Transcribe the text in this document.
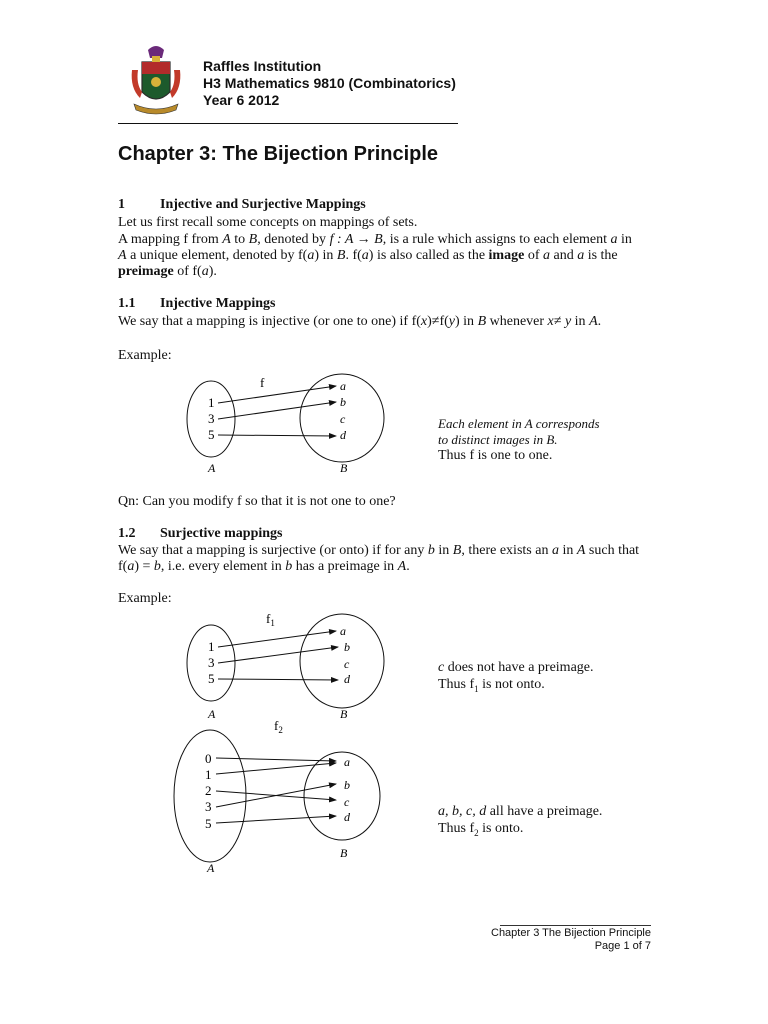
Raffles Institution
H3 Mathematics 9810 (Combinatorics)
Year 6 2012
Chapter 3: The Bijection Principle
1	Injective and Surjective Mappings
Let us first recall some concepts on mappings of sets.
A mapping f from A to B, denoted by f : A → B, is a rule which assigns to each element a in
A a unique element, denoted by f(a) in B. f(a) is also called as the image of a and a is the
preimage of f(a).
1.1 Injective Mappings
We say that a mapping is injective (or one to one) if f(x)≠f(y) in B whenever x≠ y in A.
Example:
f
1
3
5
a
b
c
d
A	B
Each element in A corresponds
to distinct images in B.
Thus f is one to one.
Qn: Can you modify f so that it is not one to one?
1.2 Surjective mappings
We say that a mapping is surjective (or onto) if for any b in B, there exists an a in A such that
f(a) = b, i.e. every element in b has a preimage in A.
Example:
$f_1$
1
3
5
a
b
c
d
A	B
c does not have a preimage.
Thus $f_1$ is not onto.
$f_2$
0
1
2
3
5
a
b
c
d
B
A
a, b, c, d all have a preimage.
Thus $f_2$ is onto.
Chapter 3 The Bijection Principle
Page 1 of 7
